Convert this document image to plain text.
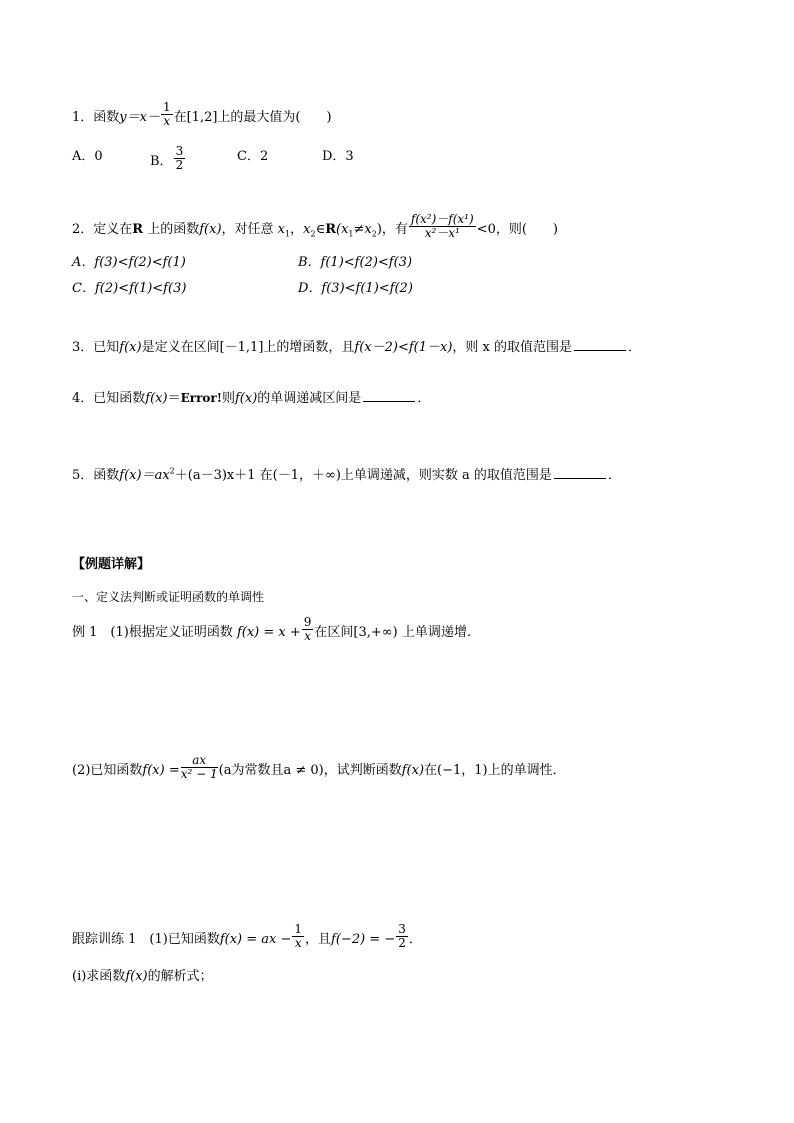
1．函数$y=x- \frac{1}{x}$ 在[1,2]上的最大值为(　　)
A．0	B． $\frac{3}{2}$	C．2	D．3
2．定义在R 上的函数f(x)，对任意 $x_1$，$x_2\in R(x_1\ne x_2)$，有 $\frac{\text{f(x²)－f(x¹)}}{\text{x²－x¹}} <0$，则(　　)
A．f(3)<f(2)<f(1)	B．f(1)<f(2)<f(3)
C．f(2)<f(1)<f(3)	D．f(3)<f(1)<f(2)
3．已知f(x)是定义在区间[－1,1]上的增函数，且f(x－2)<f(1－x)，则 x 的取值范围是	．
4．已知函数f(x)＝Error!则f(x)的单调递减区间是	．
5．函数$f(x)=ax^2+(a-3)x+1$ 在(－1，＋∞)上单调递减，则实数 a 的取值范围是	．
【例题详解】
一、定义法判断或证明函数的单调性
例 1　(1)根据定义证明函数 $f(x) = x + \frac{9}{x}$ 在区间[3,+∞) 上单调递增.
(2)已知函数$f(x) = \frac{ax}{\text{x² − 1}} (a$为常数且a ≠ 0)，试判断函数f(x)在(−1，1)上的单调性．
跟踪训练 1　(1)已知函数f(x) = ax − $\frac{1}{x}$ ，且f(−2) = − $\frac{3}{2}$ ．
(i)求函数f(x)的解析式；
